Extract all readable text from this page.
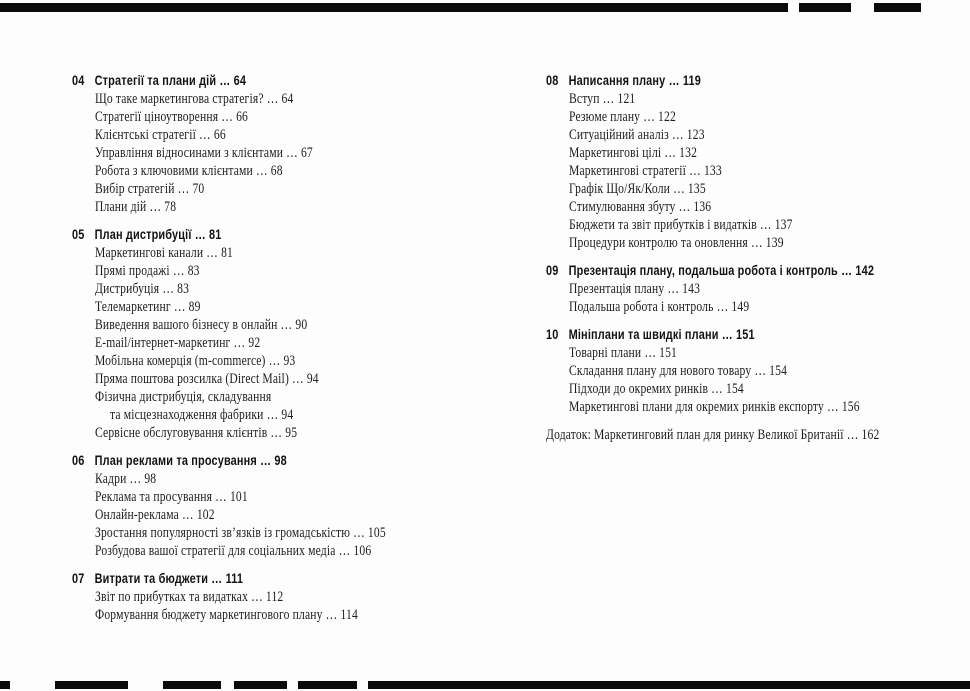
04 Стратегії та плани дій … 64
Що таке маркетингова стратегія? … 64
Стратегії ціноутворення … 66
Клієнтські стратегії … 66
Управління відносинами з клієнтами … 67
Робота з ключовими клієнтами … 68
Вибір стратегій … 70
Плани дій … 78
05 План дистрибуції … 81
Маркетингові канали … 81
Прямі продажі … 83
Дистрибуція … 83
Телемаркетинг … 89
Виведення вашого бізнесу в онлайн … 90
E-mail/інтернет-маркетинг … 92
Мобільна комерція (m-commerce) … 93
Пряма поштова розсилка (Direct Mail) … 94
Фізична дистрибуція, складування
та місцезнаходження фабрики … 94
Сервісне обслуговування клієнтів … 95
06 План реклами та просування … 98
Кадри … 98
Реклама та просування … 101
Онлайн-реклама … 102
Зростання популярності зв’язків із громадськістю … 105
Розбудова вашої стратегії для соціальних медіа … 106
07 Витрати та бюджети … 111
Звіт по прибутках та видатках … 112
Формування бюджету маркетингового плану … 114
08 Написання плану … 119
Вступ … 121
Резюме плану … 122
Ситуаційний аналіз … 123
Маркетингові цілі … 132
Маркетингові стратегії … 133
Графік Що/Як/Коли … 135
Стимулювання збуту … 136
Бюджети та звіт прибутків і видатків … 137
Процедури контролю та оновлення … 139
09 Презентація плану, подальша робота і контроль … 142
Презентація плану … 143
Подальша робота і контроль … 149
10 Мініплани та швидкі плани … 151
Товарні плани … 151
Складання плану для нового товару … 154
Підходи до окремих ринків … 154
Маркетингові плани для окремих ринків експорту … 156
Додаток: Маркетинговий план для ринку Великої Британії … 162
